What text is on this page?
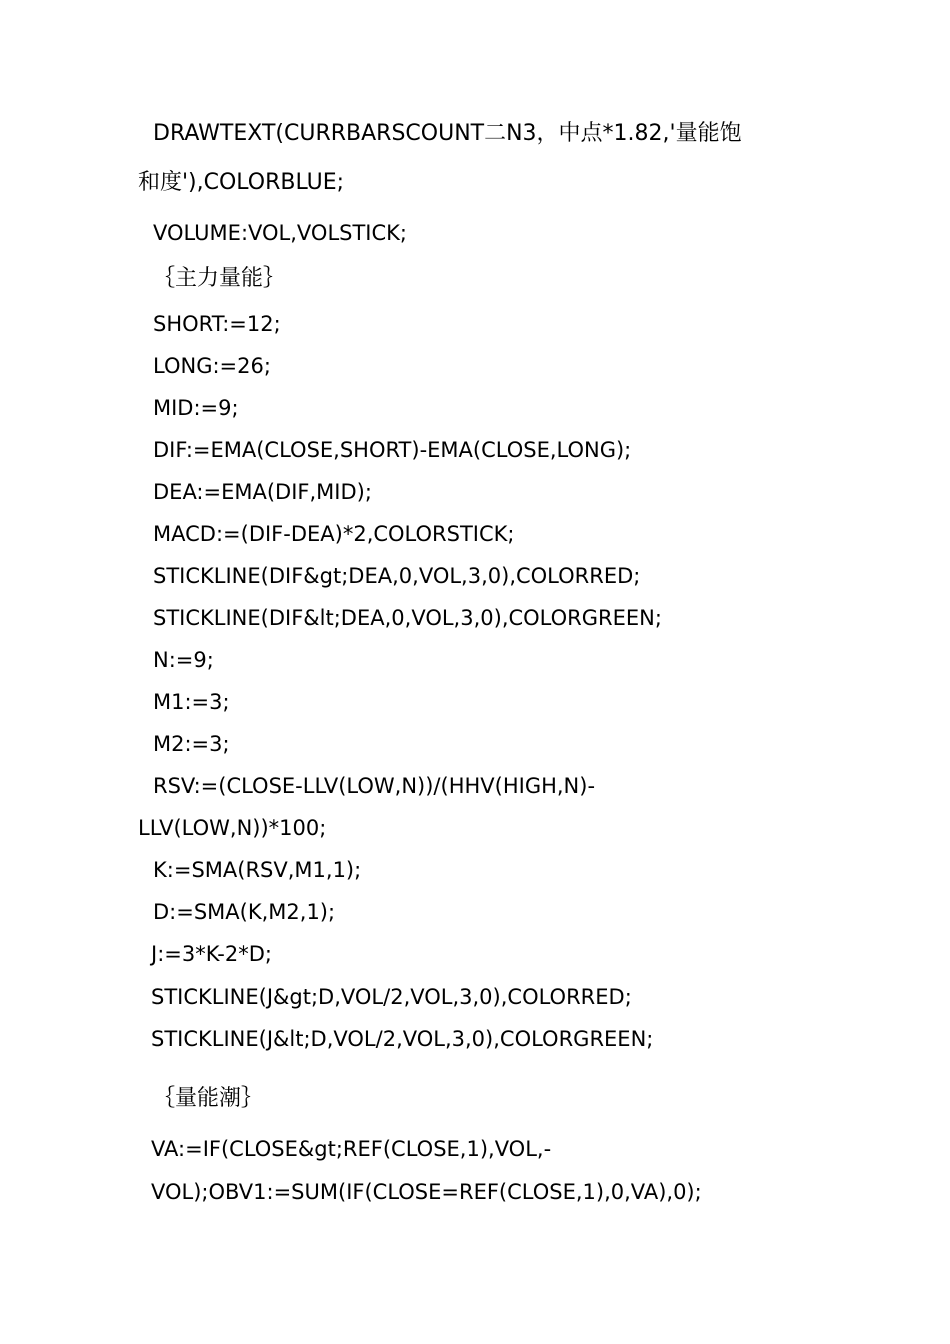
DRAWTEXT(CURRBARSCOUNT二N3，中点*1.82,'量能饱
和度'),COLORBLUE;
VOLUME:VOL,VOLSTICK;
｛主力量能｝
SHORT:=12;
LONG:=26;
MID:=9;
DIF:=EMA(CLOSE,SHORT)-EMA(CLOSE,LONG);
DEA:=EMA(DIF,MID);
MACD:=(DIF-DEA)*2,COLORSTICK;
STICKLINE(DIF&gt;DEA,0,VOL,3,0),COLORRED;
STICKLINE(DIF&lt;DEA,0,VOL,3,0),COLORGREEN;
N:=9;
M1:=3;
M2:=3;
RSV:=(CLOSE-LLV(LOW,N))/(HHV(HIGH,N)-
LLV(LOW,N))*100;
K:=SMA(RSV,M1,1);
D:=SMA(K,M2,1);
J:=3*K-2*D;
STICKLINE(J&gt;D,VOL/2,VOL,3,0),COLORRED;
STICKLINE(J&lt;D,VOL/2,VOL,3,0),COLORGREEN;
｛量能潮｝
VA:=IF(CLOSE&gt;REF(CLOSE,1),VOL,-
VOL);OBV1:=SUM(IF(CLOSE=REF(CLOSE,1),0,VA),0);
